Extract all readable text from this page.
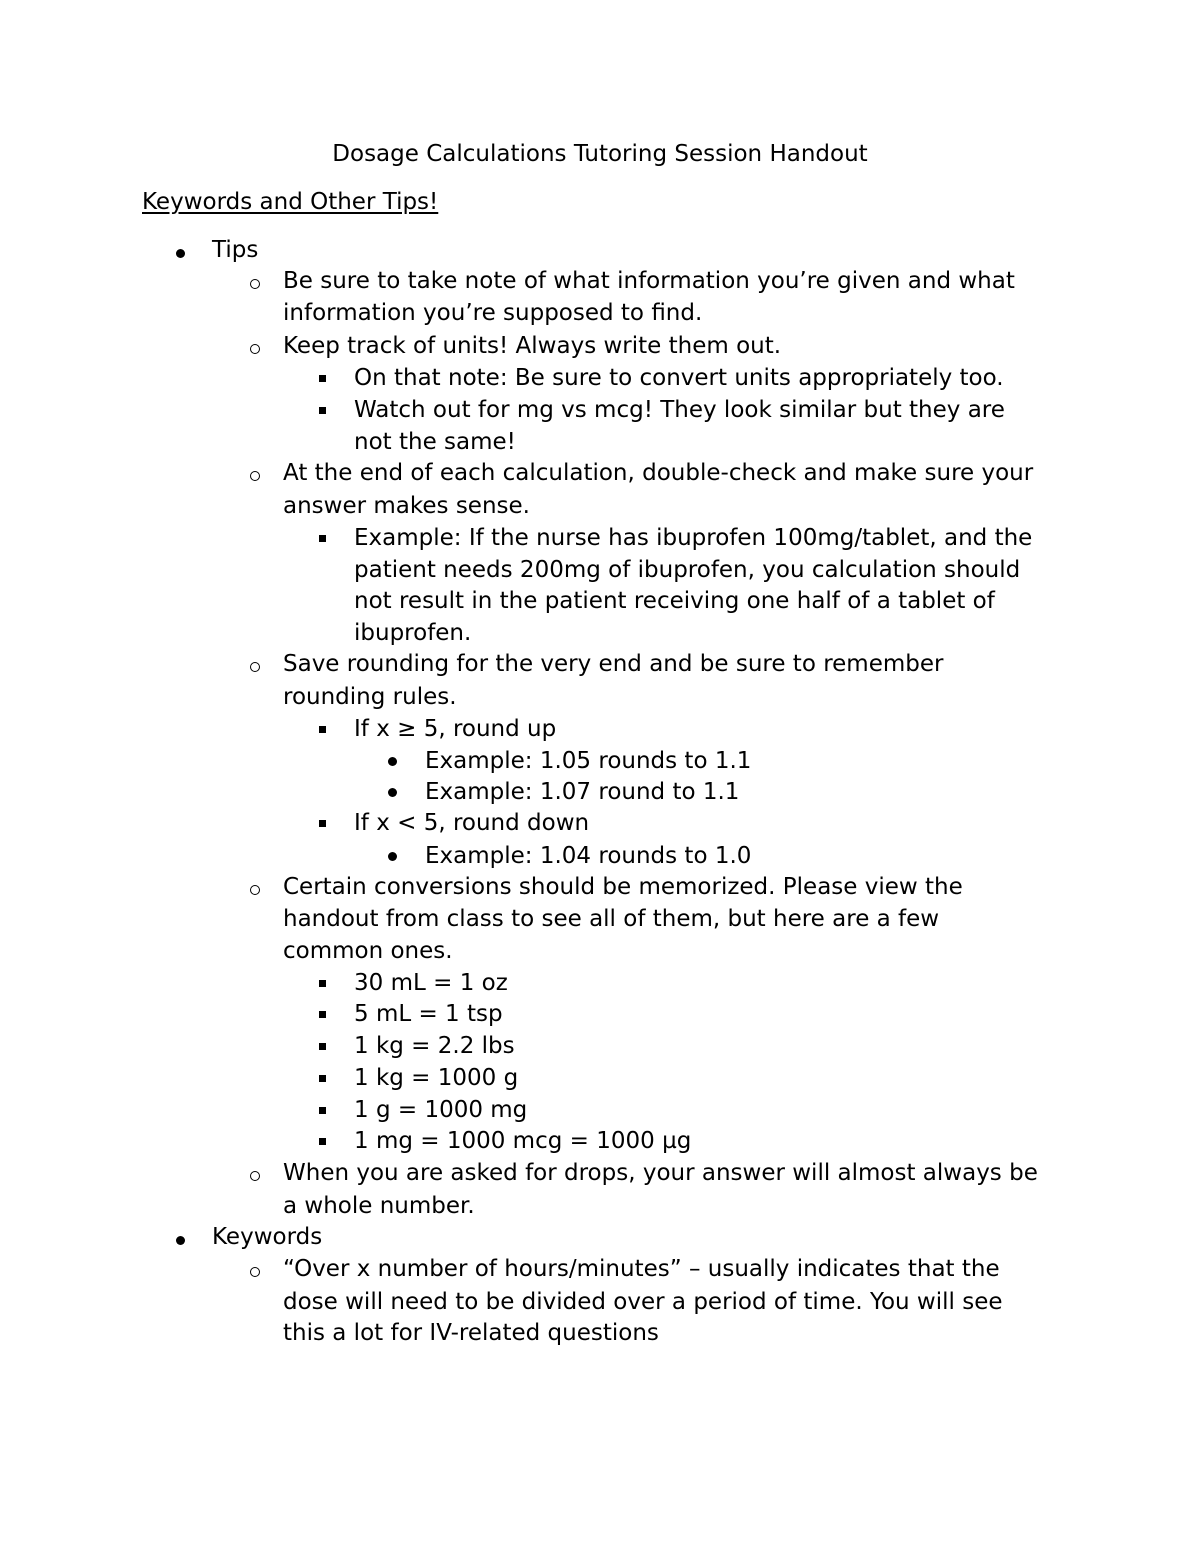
Dosage Calculations Tutoring Session Handout
Keywords and Other Tips!
Tips
Be sure to take note of what information you’re given and what
information you’re supposed to find.
Keep track of units! Always write them out.
On that note: Be sure to convert units appropriately too.
Watch out for mg vs mcg! They look similar but they are
not the same!
At the end of each calculation, double-check and make sure your
answer makes sense.
Example: If the nurse has ibuprofen 100mg/tablet, and the
patient needs 200mg of ibuprofen, you calculation should
not result in the patient receiving one half of a tablet of
ibuprofen.
Save rounding for the very end and be sure to remember
rounding rules.
If x ≥ 5, round up
Example: 1.05 rounds to 1.1
Example: 1.07 round to 1.1
If x < 5, round down
Example: 1.04 rounds to 1.0
Certain conversions should be memorized. Please view the
handout from class to see all of them, but here are a few
common ones.
30 mL = 1 oz
5 mL = 1 tsp
1 kg = 2.2 lbs
1 kg = 1000 g
1 g = 1000 mg
1 mg = 1000 mcg = 1000 µg
When you are asked for drops, your answer will almost always be
a whole number.
Keywords
“Over x number of hours/minutes” – usually indicates that the
dose will need to be divided over a period of time. You will see
this a lot for IV-related questions
